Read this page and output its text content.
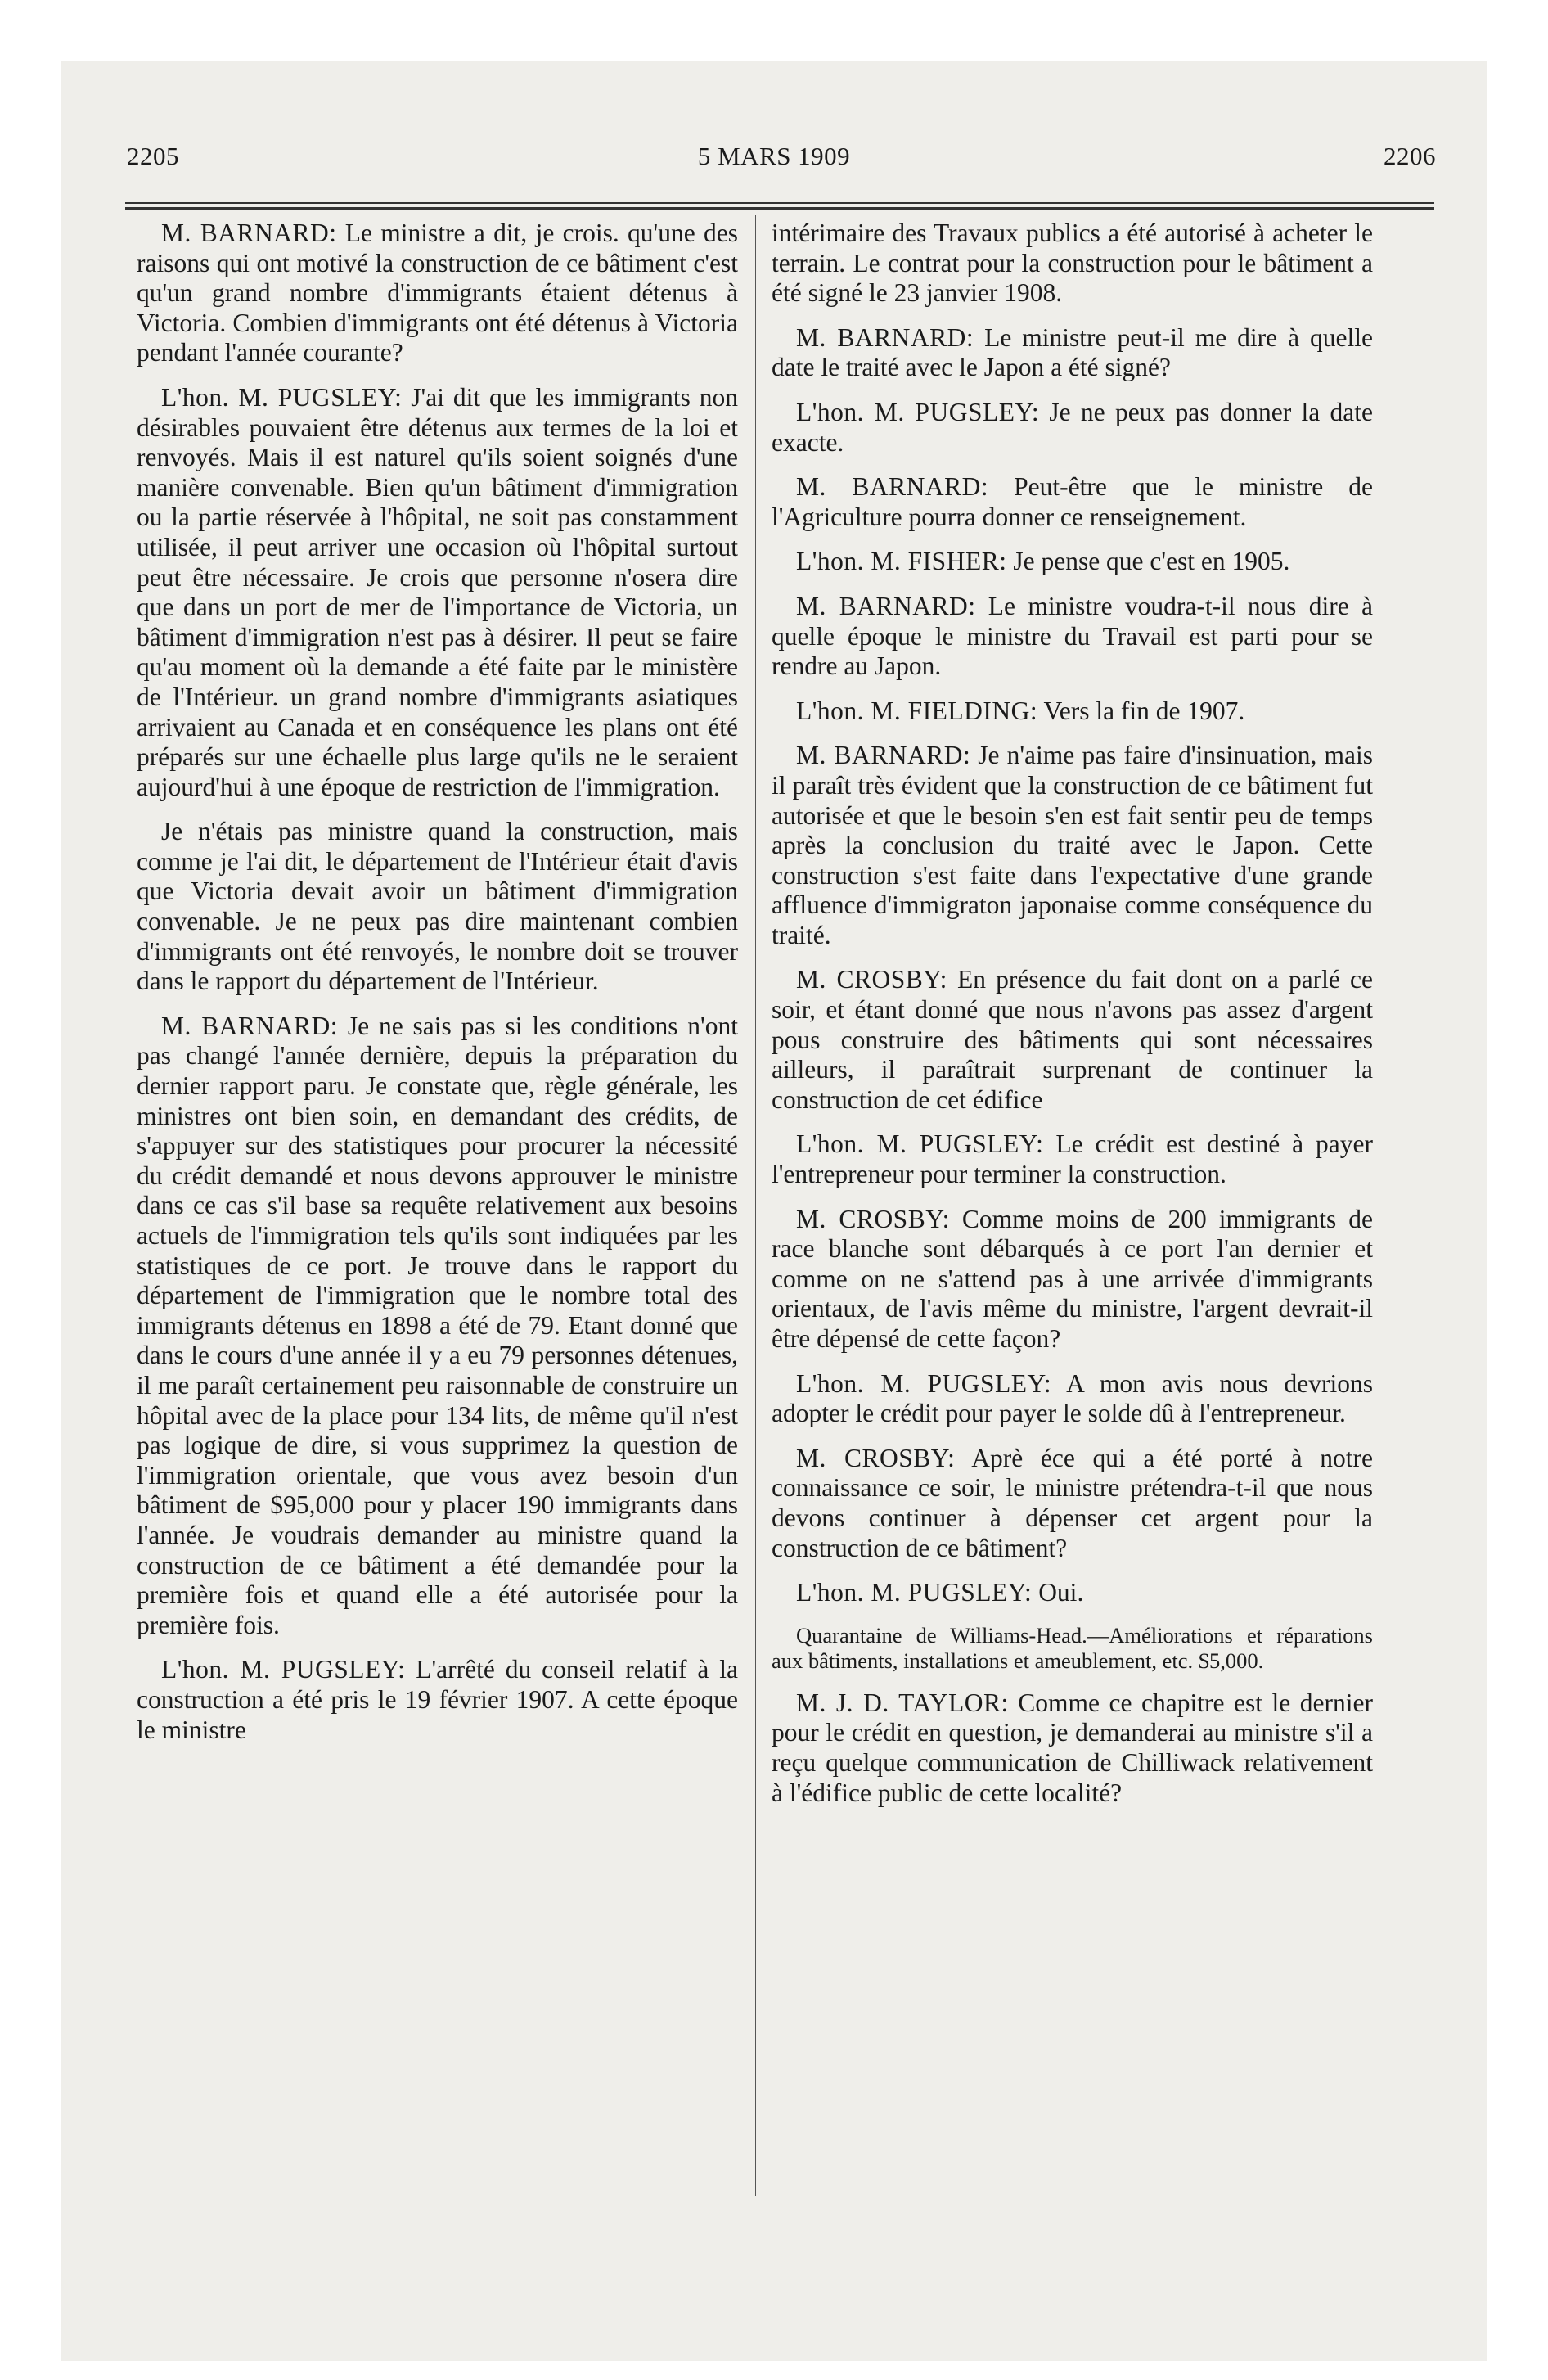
2205	5 MARS 1909	2206

M. BARNARD: Le ministre a dit, je crois. qu'une des raisons qui ont motivé la construction de ce bâtiment c'est qu'un grand nombre d'immigrants étaient détenus à Victoria. Combien d'immigrants ont été détenus à Victoria pendant l'année courante?

L'hon. M. PUGSLEY: J'ai dit que les immigrants non désirables pouvaient être détenus aux termes de la loi et renvoyés. Mais il est naturel qu'ils soient soignés d'une manière convenable. Bien qu'un bâtiment d'immigration ou la partie réservée à l'hôpital, ne soit pas constamment utilisée, il peut arriver une occasion où l'hôpital surtout peut être nécessaire. Je crois que personne n'osera dire que dans un port de mer de l'importance de Victoria, un bâtiment d'immigration n'est pas à désirer. Il peut se faire qu'au moment où la demande a été faite par le ministère de l'Intérieur. un grand nombre d'immigrants asiatiques arrivaient au Canada et en conséquence les plans ont été préparés sur une échaelle plus large qu'ils ne le seraient aujourd'hui à une époque de restriction de l'immigration.

Je n'étais pas ministre quand la construction, mais comme je l'ai dit, le département de l'Intérieur était d'avis que Victoria devait avoir un bâtiment d'immigration convenable. Je ne peux pas dire maintenant combien d'immigrants ont été renvoyés, le nombre doit se trouver dans le rapport du département de l'Intérieur.

M. BARNARD: Je ne sais pas si les conditions n'ont pas changé l'année dernière, depuis la préparation du dernier rapport paru. Je constate que, règle générale, les ministres ont bien soin, en demandant des crédits, de s'appuyer sur des statistiques pour procurer la nécessité du crédit demandé et nous devons approuver le ministre dans ce cas s'il base sa requête relativement aux besoins actuels de l'immigration tels qu'ils sont indiquées par les statistiques de ce port. Je trouve dans le rapport du département de l'immigration que le nombre total des immigrants détenus en 1898 a été de 79. Etant donné que dans le cours d'une année il y a eu 79 personnes détenues, il me paraît certainement peu raisonnable de construire un hôpital avec de la place pour 134 lits, de même qu'il n'est pas logique de dire, si vous supprimez la question de l'immigration orientale, que vous avez besoin d'un bâtiment de $95,000 pour y placer 190 immigrants dans l'année. Je voudrais demander au ministre quand la construction de ce bâtiment a été demandée pour la première fois et quand elle a été autorisée pour la première fois.

L'hon. M. PUGSLEY: L'arrêté du conseil relatif à la construction a été pris le 19 février 1907. A cette époque le ministre

intérimaire des Travaux publics a été autorisé à acheter le terrain. Le contrat pour la construction pour le bâtiment a été signé le 23 janvier 1908.

M. BARNARD: Le ministre peut-il me dire à quelle date le traité avec le Japon a été signé?

L'hon. M. PUGSLEY: Je ne peux pas donner la date exacte.

M. BARNARD: Peut-être que le ministre de l'Agriculture pourra donner ce renseignement.

L'hon. M. FISHER: Je pense que c'est en 1905.

M. BARNARD: Le ministre voudra-t-il nous dire à quelle époque le ministre du Travail est parti pour se rendre au Japon.

L'hon. M. FIELDING: Vers la fin de 1907.

M. BARNARD: Je n'aime pas faire d'insinuation, mais il paraît très évident que la construction de ce bâtiment fut autorisée et que le besoin s'en est fait sentir peu de temps après la conclusion du traité avec le Japon. Cette construction s'est faite dans l'expectative d'une grande affluence d'immigraton japonaise comme conséquence du traité.

M. CROSBY: En présence du fait dont on a parlé ce soir, et étant donné que nous n'avons pas assez d'argent pous construire des bâtiments qui sont nécessaires ailleurs, il paraîtrait surprenant de continuer la construction de cet édifice

L'hon. M. PUGSLEY: Le crédit est destiné à payer l'entrepreneur pour terminer la construction.

M. CROSBY: Comme moins de 200 immigrants de race blanche sont débarqués à ce port l'an dernier et comme on ne s'attend pas à une arrivée d'immigrants orientaux, de l'avis même du ministre, l'argent devrait-il être dépensé de cette façon?

L'hon. M. PUGSLEY: A mon avis nous devrions adopter le crédit pour payer le solde dû à l'entrepreneur.

M. CROSBY: Aprè éce qui a été porté à notre connaissance ce soir, le ministre prétendra-t-il que nous devons continuer à dépenser cet argent pour la construction de ce bâtiment?

L'hon. M. PUGSLEY: Oui.

Quarantaine de Williams-Head.—Améliorations et réparations aux bâtiments, installations et ameublement, etc. $5,000.

M. J. D. TAYLOR: Comme ce chapitre est le dernier pour le crédit en question, je demanderai au ministre s'il a reçu quelque communication de Chilliwack relativement à l'édifice public de cette localité?
